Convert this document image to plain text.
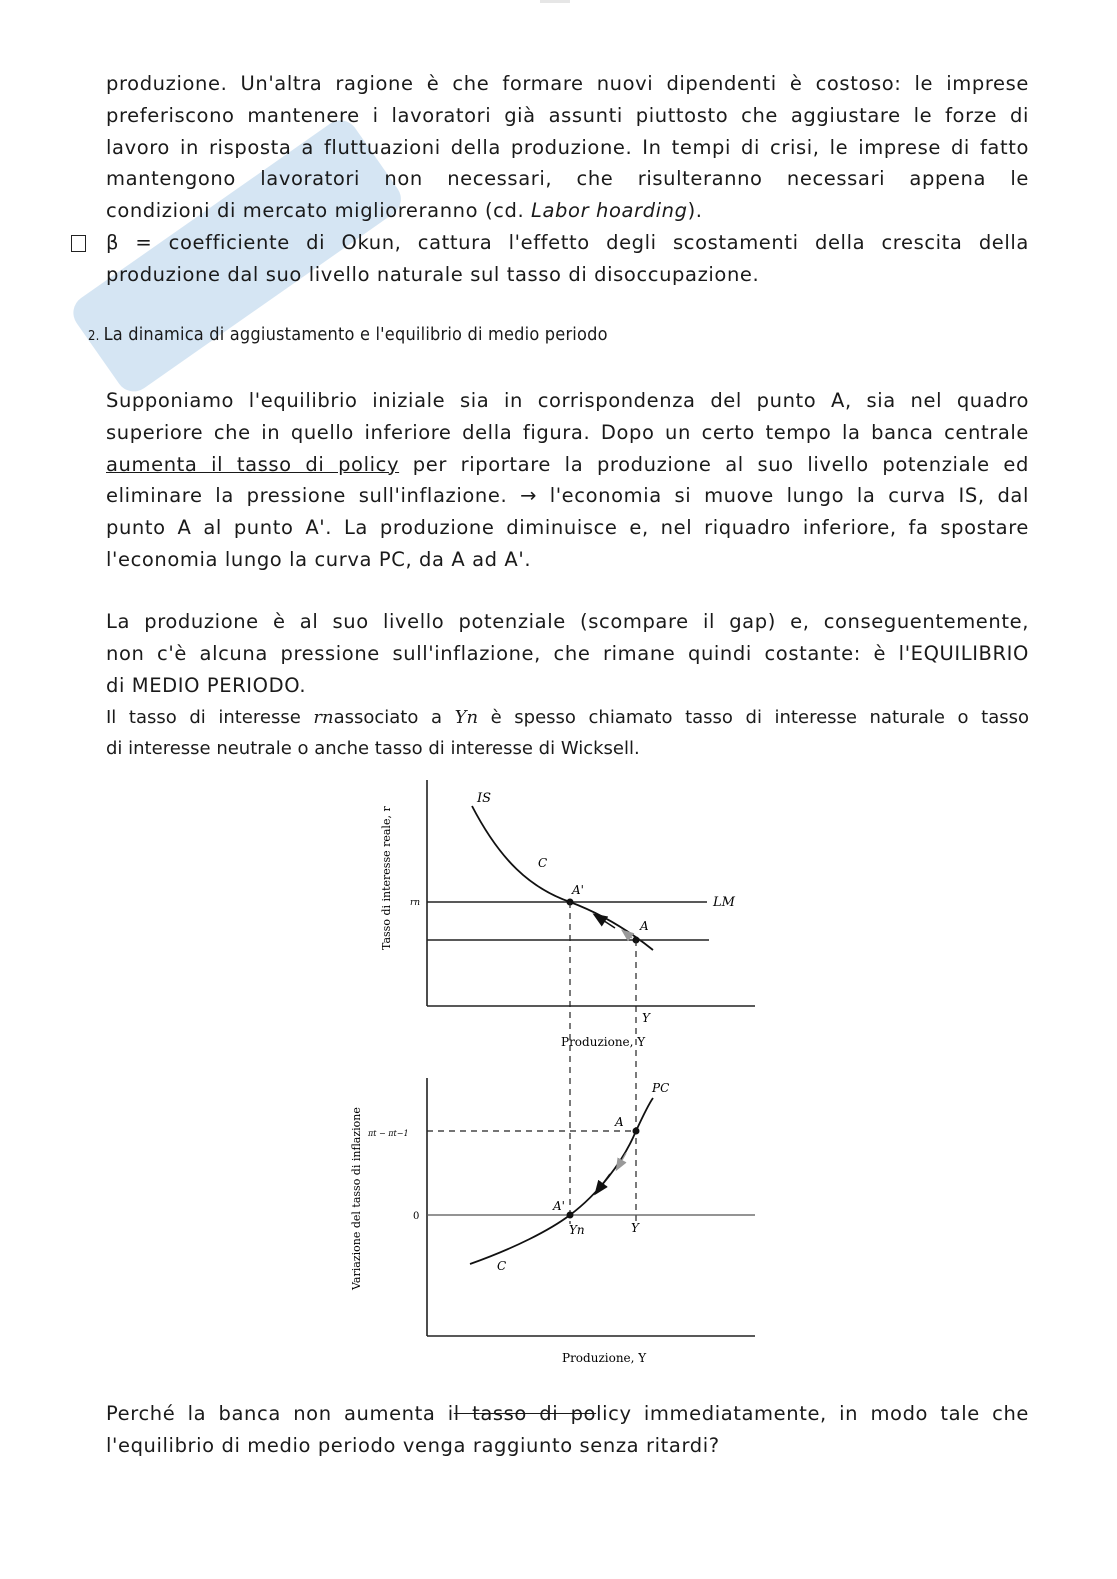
produzione. Un'altra ragione è che formare nuovi dipendenti è costoso: le imprese
preferiscono mantenere i lavoratori già assunti piuttosto che aggiustare le forze di
lavoro in risposta a fluttuazioni della produzione. In tempi di crisi, le imprese di fatto
mantengono lavoratori non necessari, che risulteranno necessari appena le
condizioni di mercato miglioreranno (cd. Labor hoarding).
β = coefficiente di Okun, cattura l'effetto degli scostamenti della crescita della
produzione dal suo livello naturale sul tasso di disoccupazione.
2. La dinamica di aggiustamento e l'equilibrio di medio periodo
Supponiamo l'equilibrio iniziale sia in corrispondenza del punto A, sia nel quadro
superiore che in quello inferiore della figura. Dopo un certo tempo la banca centrale
aumenta il tasso di policy per riportare la produzione al suo livello potenziale ed
eliminare la pressione sull'inflazione. → l'economia si muove lungo la curva IS, dal
punto A al punto A'. La produzione diminuisce e, nel riquadro inferiore, fa spostare
l'economia lungo la curva PC, da A ad A'.
La produzione è al suo livello potenziale (scompare il gap) e, conseguentemente,
non c'è alcuna pressione sull'inflazione, che rimane quindi costante: è l'EQUILIBRIO
di MEDIO PERIODO.
Il tasso di interesse rnassociato a Yn è spesso chiamato tasso di interesse naturale o tasso
di interesse neutrale o anche tasso di interesse di Wicksell.
Tasso di interesse reale, r
Produzione, Y
IS
LM
rn
C
A'
A
Y
Variazione del tasso di inflazione
Produzione, Y
0
πt − πt−1
PC
A
A'
Yn	Y
C
Perché la banca non aumenta il tasso di policy immediatamente, in modo tale che
l'equilibrio di medio periodo venga raggiunto senza ritardi?
